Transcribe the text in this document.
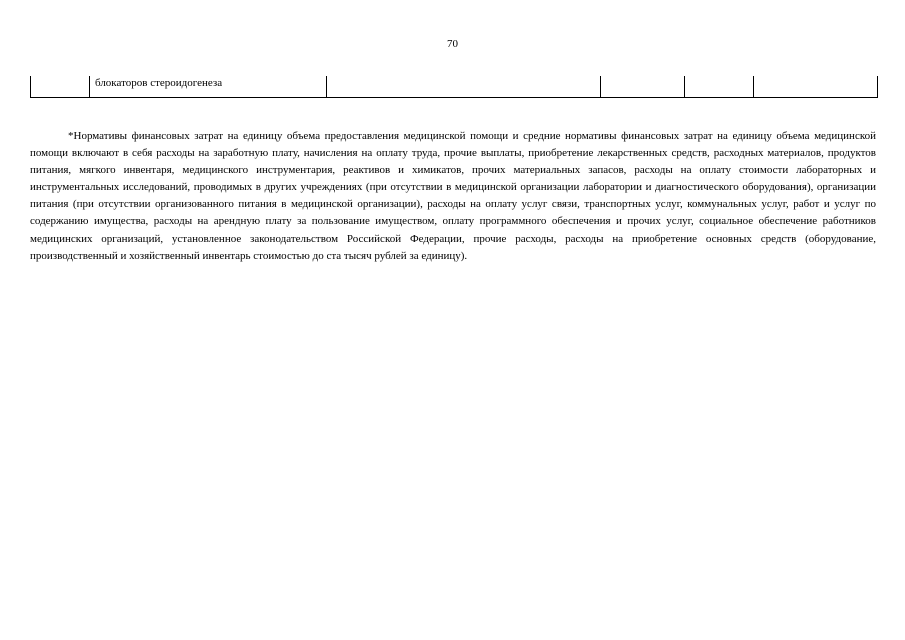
70
	блокаторов стероидогенеза				

*Нормативы финансовых затрат на единицу объема предоставления медицинской помощи и средние нормативы финансовых затрат на единицу объема медицинской помощи включают в себя расходы на заработную плату, начисления на оплату труда, прочие выплаты, приобретение лекарственных средств, расходных материалов, продуктов питания, мягкого инвентаря, медицинского инструментария, реактивов и химикатов, прочих материальных запасов, расходы на оплату стоимости лабораторных и инструментальных исследований, проводимых в других учреждениях (при отсутствии в медицинской организации лаборатории и диагностического оборудования), организации питания (при отсутствии организованного питания в медицинской организации), расходы на оплату услуг связи, транспортных услуг, коммунальных услуг, работ и услуг по содержанию имущества, расходы на арендную плату за пользование имуществом, оплату программного обеспечения и прочих услуг, социальное обеспечение работников медицинских организаций, установленное законодательством Российской Федерации, прочие расходы, расходы на приобретение основных средств (оборудование, производственный и хозяйственный инвентарь стоимостью до ста тысяч рублей за единицу).
